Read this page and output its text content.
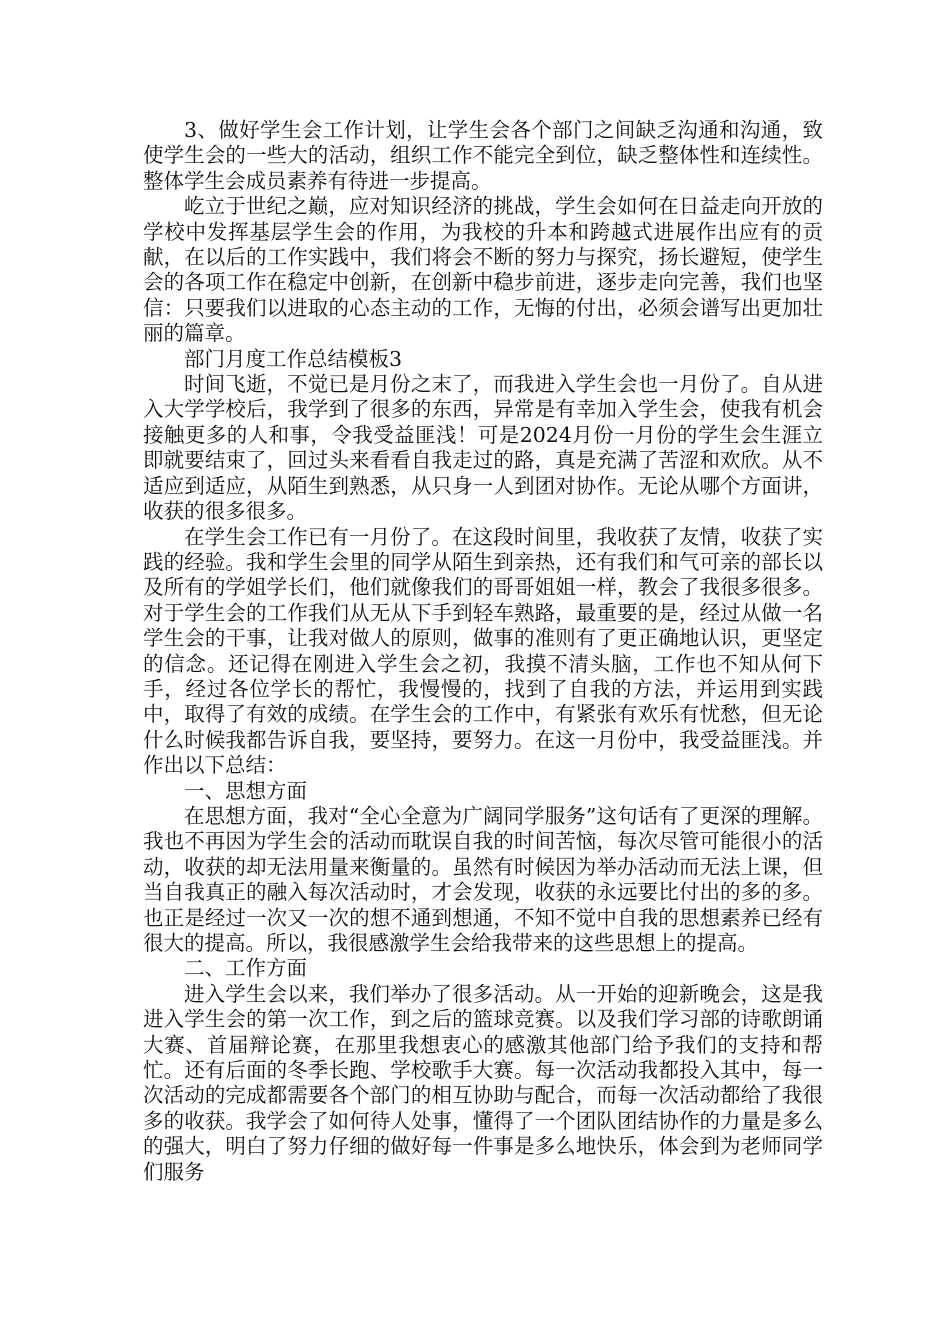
3、做好学生会工作计划，让学生会各个部门之间缺乏沟通和沟通，致使学生会的一些大的活动，组织工作不能完全到位，缺乏整体性和连续性。整体学生会成员素养有待进一步提高。

屹立于世纪之巅，应对知识经济的挑战，学生会如何在日益走向开放的学校中发挥基层学生会的作用，为我校的升本和跨越式进展作出应有的贡献，在以后的工作实践中，我们将会不断的努力与探究，扬长避短，使学生会的各项工作在稳定中创新，在创新中稳步前进，逐步走向完善，我们也坚信：只要我们以进取的心态主动的工作，无悔的付出，必须会谱写出更加壮丽的篇章。

部门月度工作总结模板3

时间飞逝，不觉已是月份之末了，而我进入学生会也一月份了。自从进入大学学校后，我学到了很多的东西，异常是有幸加入学生会，使我有机会接触更多的人和事，令我受益匪浅！可是2024月份一月份的学生会生涯立即就要结束了，回过头来看看自我走过的路，真是充满了苦涩和欢欣。从不适应到适应，从陌生到熟悉，从只身一人到团对协作。无论从哪个方面讲，收获的很多很多。

在学生会工作已有一月份了。在这段时间里，我收获了友情，收获了实践的经验。我和学生会里的同学从陌生到亲热，还有我们和气可亲的部长以及所有的学姐学长们，他们就像我们的哥哥姐姐一样，教会了我很多很多。对于学生会的工作我们从无从下手到轻车熟路，最重要的是，经过从做一名学生会的干事，让我对做人的原则，做事的准则有了更正确地认识，更坚定的信念。还记得在刚进入学生会之初，我摸不清头脑，工作也不知从何下手，经过各位学长的帮忙，我慢慢的，找到了自我的方法，并运用到实践中，取得了有效的成绩。在学生会的工作中，有紧张有欢乐有忧愁，但无论什么时候我都告诉自我，要坚持，要努力。在这一月份中，我受益匪浅。并作出以下总结：

一、思想方面

在思想方面，我对“全心全意为广阔同学服务”这句话有了更深的理解。我也不再因为学生会的活动而耽误自我的时间苦恼，每次尽管可能很小的活动，收获的却无法用量来衡量的。虽然有时候因为举办活动而无法上课，但当自我真正的融入每次活动时，才会发现，收获的永远要比付出的多的多。也正是经过一次又一次的想不通到想通，不知不觉中自我的思想素养已经有很大的提高。所以，我很感激学生会给我带来的这些思想上的提高。

二、工作方面

进入学生会以来，我们举办了很多活动。从一开始的迎新晚会，这是我进入学生会的第一次工作，到之后的篮球竞赛。以及我们学习部的诗歌朗诵大赛、首届辩论赛，在那里我想衷心的感激其他部门给予我们的支持和帮忙。还有后面的冬季长跑、学校歌手大赛。每一次活动我都投入其中，每一次活动的完成都需要各个部门的相互协助与配合，而每一次活动都给了我很多的收获。我学会了如何待人处事，懂得了一个团队团结协作的力量是多么的强大，明白了努力仔细的做好每一件事是多么地快乐，体会到为老师同学们服务
